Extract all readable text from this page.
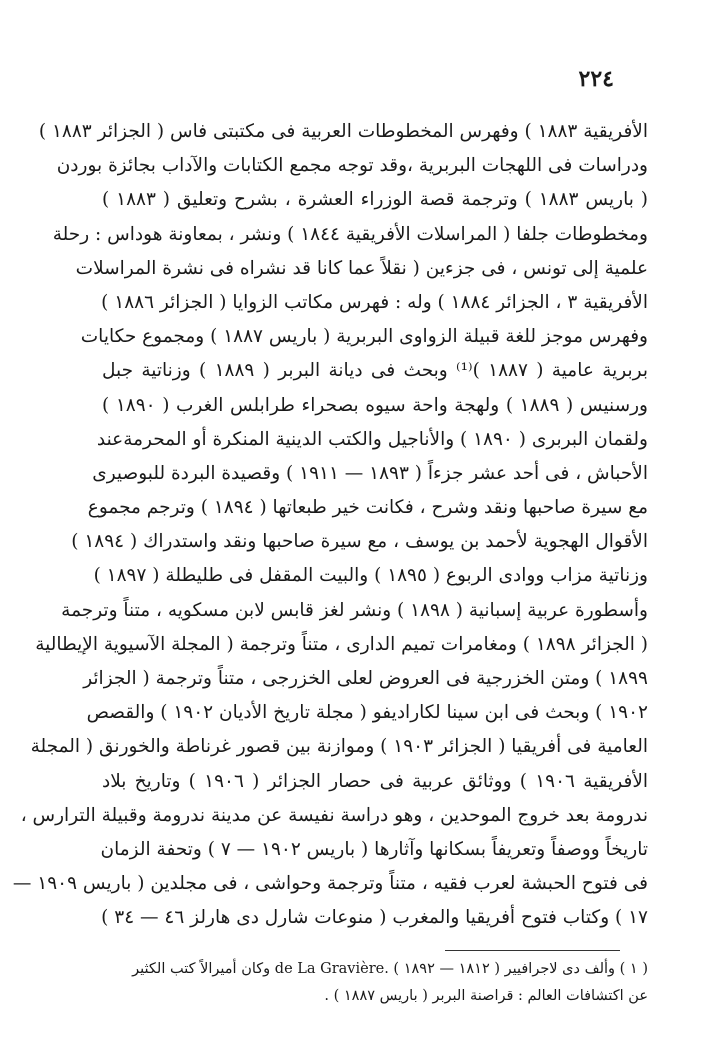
٢٢٤
الأفريقية ١٨٨٣ ) وفهرس المخطوطات العربية فى مكتبتى فاس ( الجزائر ١٨٨٣ )
ودراسات فى اللهجات البربرية ،وقد توجه مجمع الكتابات والآداب بجائزة بوردن
( باريس ١٨٨٣ ) وترجمة قصة الوزراء العشرة ، بشرح وتعليق ( ١٨٨٣ )
ومخطوطات جلفا ( المراسلات الأفريقية ١٨٤٤ ) ونشر ، بمعاونة هوداس : رحلة
علمية إلى تونس ، فى جزءين ( نقلاً عما كانا قد نشراه فى نشرة المراسلات
الأفريقية ٣ ، الجزائر ١٨٨٤ ) وله : فهرس مكاتب الزوايا ( الجزائر ١٨٨٦ )
وفهرس موجز للغة قبيلة الزواوى البربرية ( باريس ١٨٨٧ ) ومجموع حكايات
بربرية عامية ( ١٨٨٧ )⁽¹⁾ وبحث فى ديانة البربر ( ١٨٨٩ ) وزناتية جبل
ورسنيس ( ١٨٨٩ ) ولهجة واحة سيوه بصحراء طرابلس الغرب ( ١٨٩٠ )
ولقمان البربرى ( ١٨٩٠ ) والأناجيل والكتب الدينية المنكرة أو المحرمةعند
الأحباش ، فى أحد عشر جزءاً ( ١٨٩٣ — ١٩١١ ) وقصيدة البردة للبوصيرى
مع سيرة صاحبها ونقد وشرح ، فكانت خير طبعاتها ( ١٨٩٤ ) وترجم مجموع
الأقوال الهجوية لأحمد بن يوسف ، مع سيرة صاحبها ونقد واستدراك ( ١٨٩٤ )
وزناتية مزاب ووادى الربوع ( ١٨٩٥ ) والبيت المقفل فى طليطلة ( ١٨٩٧ )
وأسطورة عربية إسبانية ( ١٨٩٨ ) ونشر لغز قابس لابن مسكويه ، متناً وترجمة
( الجزائر ١٨٩٨ ) ومغامرات تميم الدارى ، متناً وترجمة ( المجلة الآسيوية الإيطالية
١٨٩٩ ) ومتن الخزرجية فى العروض لعلى الخزرجى ، متناً وترجمة ( الجزائر
١٩٠٢ ) وبحث فى ابن سينا لكاراديفو ( مجلة تاريخ الأديان ١٩٠٢ ) والقصص
العامية فى أفريقيا ( الجزائر ١٩٠٣ ) وموازنة بين قصور غرناطة والخورنق ( المجلة
الأفريقية ١٩٠٦ ) ووثائق عربية فى حصار الجزائر ( ١٩٠٦ ) وتاريخ بلاد
ندرومة بعد خروج الموحدين ، وهو دراسة نفيسة عن مدينة ندرومة وقبيلة الترارس ،
تاريخاً ووصفاً وتعريفاً بسكانها وآثارها ( باريس ١٩٠٢ — ٧ ) وتحفة الزمان
فى فتوح الحبشة لعرب فقيه ، متناً وترجمة وحواشى ، فى مجلدين ( باريس ١٩٠٩ —
١٧ ) وكتاب فتوح أفريقيا والمغرب ( منوعات شارل دى هارلز ٤٦ — ٣٤ )
( ١ ) وألف دى لاجرافيير ( ١٨١٢ — ١٨٩٢ ) .de La Gravière وكان أميرالاً كتب الكثير
عن اكتشافات العالم : قراصنة البربر ( باريس ١٨٨٧ ) .
